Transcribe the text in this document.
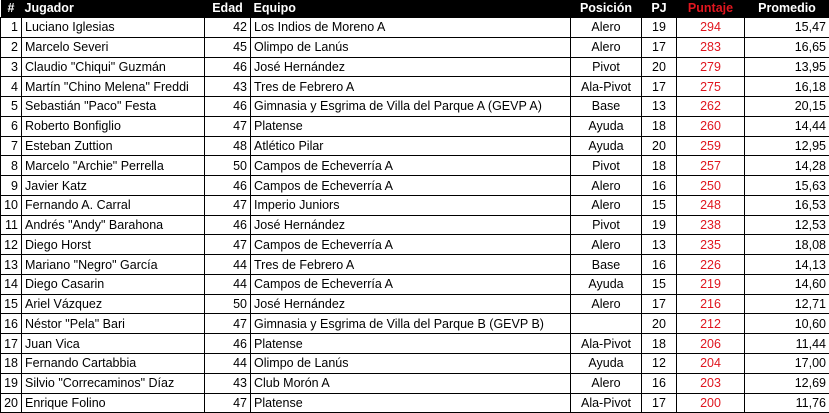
#	Jugador	Edad	Equipo	Posición	PJ	Puntaje	Promedio
1	Luciano Iglesias	42	Los Indios de Moreno A	Alero	19	294	15,47
2	Marcelo Severi	45	Olimpo de Lanús	Alero	17	283	16,65
3	Claudio "Chiqui" Guzmán	46	José Hernández	Pivot	20	279	13,95
4	Martín "Chino Melena" Freddi	43	Tres de Febrero A	Ala-Pivot	17	275	16,18
5	Sebastián "Paco" Festa	46	Gimnasia y Esgrima de Villa del Parque A (GEVP A)	Base	13	262	20,15
6	Roberto Bonfiglio	47	Platense	Ayuda	18	260	14,44
7	Esteban Zuttion	48	Atlético Pilar	Ayuda	20	259	12,95
8	Marcelo "Archie" Perrella	50	Campos de Echeverría A	Pivot	18	257	14,28
9	Javier Katz	46	Campos de Echeverría A	Alero	16	250	15,63
10	Fernando A. Carral	47	Imperio Juniors	Alero	15	248	16,53
11	Andrés "Andy" Barahona	46	José Hernández	Pivot	19	238	12,53
12	Diego Horst	47	Campos de Echeverría A	Alero	13	235	18,08
13	Mariano "Negro" García	44	Tres de Febrero A	Base	16	226	14,13
14	Diego Casarin	44	Campos de Echeverría A	Ayuda	15	219	14,60
15	Ariel Vázquez	50	José Hernández	Alero	17	216	12,71
16	Néstor "Pela" Bari	47	Gimnasia y Esgrima de Villa del Parque B (GEVP B)		20	212	10,60
17	Juan Vica	46	Platense	Ala-Pivot	18	206	11,44
18	Fernando Cartabbia	44	Olimpo de Lanús	Ayuda	12	204	17,00
19	Silvio "Correcaminos" Díaz	43	Club Morón A	Alero	16	203	12,69
20	Enrique Folino	47	Platense	Ala-Pivot	17	200	11,76
